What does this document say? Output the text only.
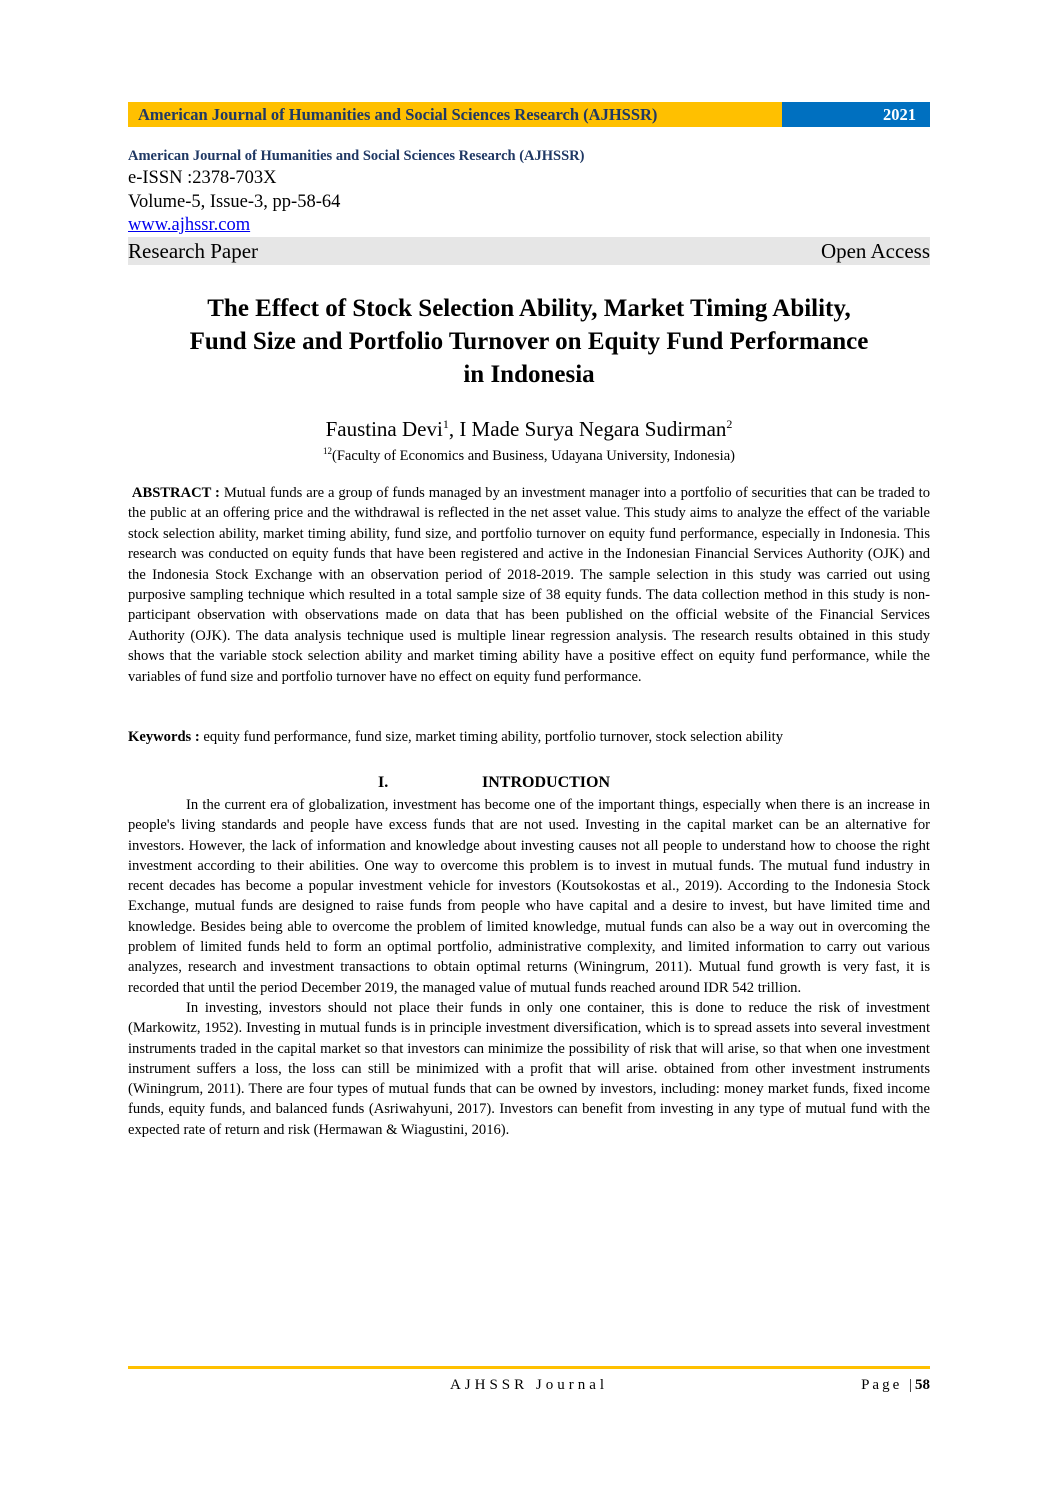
American Journal of Humanities and Social Sciences Research (AJHSSR)	2021
American Journal of Humanities and Social Sciences Research (AJHSSR)
e-ISSN :2378-703X
Volume-5, Issue-3, pp-58-64
www.ajhssr.com
Research Paper	Open Access
The Effect of Stock Selection Ability, Market Timing Ability,
Fund Size and Portfolio Turnover on Equity Fund Performance
in Indonesia
Faustina Devi$^1$, I Made Surya Negara Sudirman$^2$
$^{12}$(Faculty of Economics and Business, Udayana University, Indonesia)
ABSTRACT : Mutual funds are a group of funds managed by an investment manager into a portfolio of securities that can be traded to the public at an offering price and the withdrawal is reflected in the net asset value. This study aims to analyze the effect of the variable stock selection ability, market timing ability, fund size, and portfolio turnover on equity fund performance, especially in Indonesia. This research was conducted on equity funds that have been registered and active in the Indonesian Financial Services Authority (OJK) and the Indonesia Stock Exchange with an observation period of 2018-2019. The sample selection in this study was carried out using purposive sampling technique which resulted in a total sample size of 38 equity funds. The data collection method in this study is non-participant observation with observations made on data that has been published on the official website of the Financial Services Authority (OJK). The data analysis technique used is multiple linear regression analysis. The research results obtained in this study shows that the variable stock selection ability and market timing ability have a positive effect on equity fund performance, while the variables of fund size and portfolio turnover have no effect on equity fund performance.
Keywords : equity fund performance, fund size, market timing ability, portfolio turnover, stock selection ability
I.	INTRODUCTION

In the current era of globalization, investment has become one of the important things, especially when there is an increase in people's living standards and people have excess funds that are not used. Investing in the capital market can be an alternative for investors. However, the lack of information and knowledge about investing causes not all people to understand how to choose the right investment according to their abilities. One way to overcome this problem is to invest in mutual funds. The mutual fund industry in recent decades has become a popular investment vehicle for investors (Koutsokostas et al., 2019). According to the Indonesia Stock Exchange, mutual funds are designed to raise funds from people who have capital and a desire to invest, but have limited time and knowledge. Besides being able to overcome the problem of limited knowledge, mutual funds can also be a way out in overcoming the problem of limited funds held to form an optimal portfolio, administrative complexity, and limited information to carry out various analyzes, research and investment transactions to obtain optimal returns (Winingrum, 2011). Mutual fund growth is very fast, it is recorded that until the period December 2019, the managed value of mutual funds reached around IDR 542 trillion.

In investing, investors should not place their funds in only one container, this is done to reduce the risk of investment (Markowitz, 1952). Investing in mutual funds is in principle investment diversification, which is to spread assets into several investment instruments traded in the capital market so that investors can minimize the possibility of risk that will arise, so that when one investment instrument suffers a loss, the loss can still be minimized with a profit that will arise. obtained from other investment instruments (Winingrum, 2011). There are four types of mutual funds that can be owned by investors, including: money market funds, fixed income funds, equity funds, and balanced funds (Asriwahyuni, 2017). Investors can benefit from investing in any type of mutual fund with the expected rate of return and risk (Hermawan & Wiagustini, 2016).

AJHSSR Journal	Page |58
